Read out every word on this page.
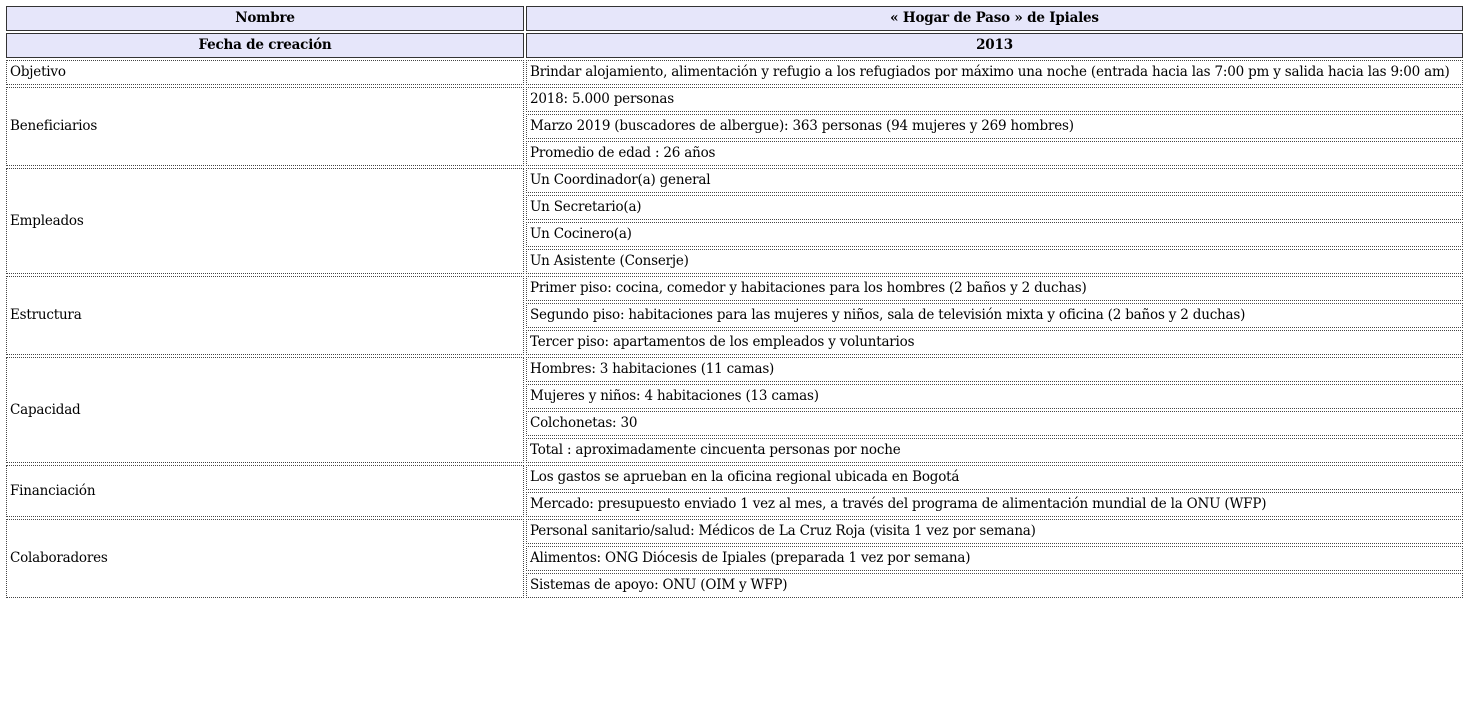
Nombre	« Hogar de Paso » de Ipiales
Fecha de creación	2013
Objetivo	Brindar alojamiento, alimentación y refugio a los refugiados por máximo una noche (entrada hacia las 7:00 pm y salida hacia las 9:00 am)
Beneficiarios	2018: 5.000 personas
	Marzo 2019 (buscadores de albergue): 363 personas (94 mujeres y 269 hombres)
	Promedio de edad : 26 años
Empleados	Un Coordinador(a) general
	Un Secretario(a)
	Un Cocinero(a)
	Un Asistente (Conserje)
Estructura	Primer piso: cocina, comedor y habitaciones para los hombres (2 baños y 2 duchas)
	Segundo piso: habitaciones para las mujeres y niños, sala de televisión mixta y oficina (2 baños y 2 duchas)
	Tercer piso: apartamentos de los empleados y voluntarios
Capacidad	Hombres: 3 habitaciones (11 camas)
	Mujeres y niños: 4 habitaciones (13 camas)
	Colchonetas: 30
	Total : aproximadamente cincuenta personas por noche
Financiación	Los gastos se aprueban en la oficina regional ubicada en Bogotá
	Mercado: presupuesto enviado 1 vez al mes, a través del programa de alimentación mundial de la ONU (WFP)
Colaboradores	Personal sanitario/salud: Médicos de La Cruz Roja (visita 1 vez por semana)
	Alimentos: ONG Diócesis de Ipiales (preparada 1 vez por semana)
	Sistemas de apoyo: ONU (OIM y WFP)
